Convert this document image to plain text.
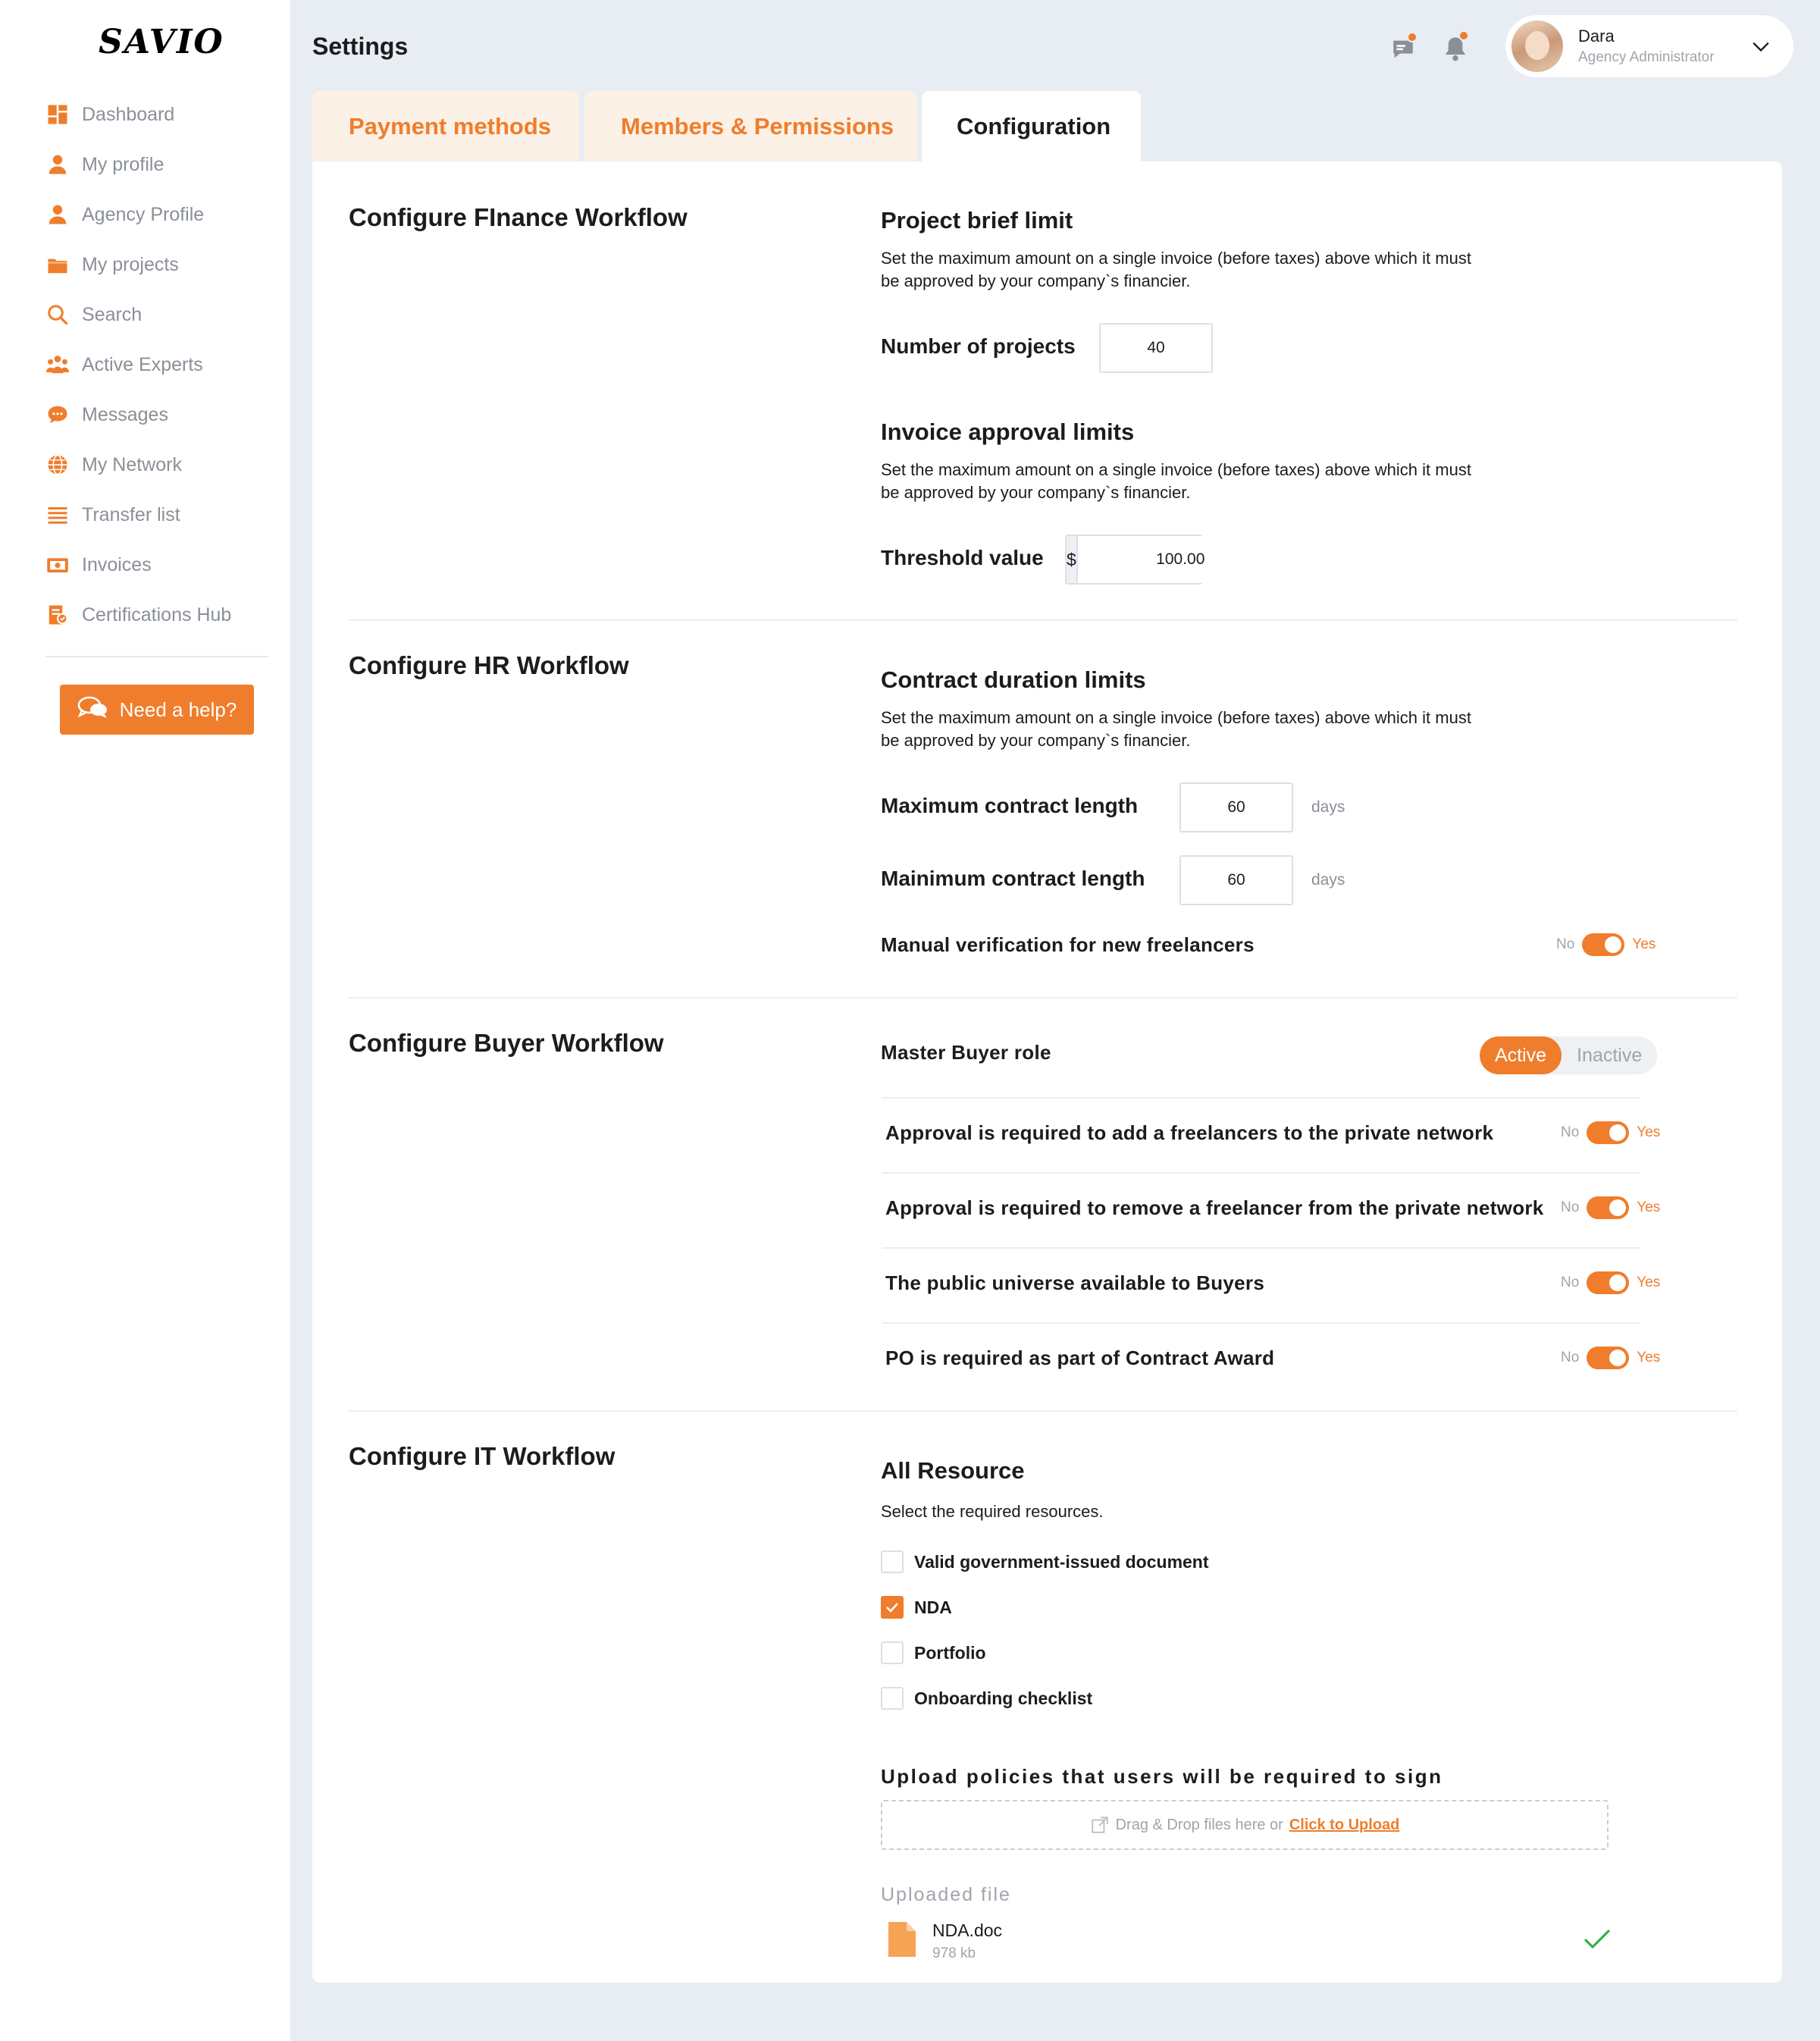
SAVIO
Dashboard
My profile
Agency Profile
My projects
Search
Active Experts
Messages
My Network
Transfer list
Invoices
Certifications Hub
Need a help?
Settings	Dara
Agency Administrator
Payment methods	Members & Permissions	Configuration
Configure FInance Workflow	Project brief limit
Set the maximum amount on a single invoice (before taxes) above which it must be approved by your company`s financier.
Number of projects
40
Invoice approval limits
Set the maximum amount on a single invoice (before taxes) above which it must be approved by your company`s financier.
Threshold value $
100.00
Configure HR Workflow
Contract duration limits
Set the maximum amount on a single invoice (before taxes) above which it must be approved by your company`s financier.
Maximum contract length
60	days
Mainimum contract length
60	days
Manual verification for new freelancers	No	Yes
Configure Buyer Workflow	Master Buyer role	Active	Inactive
Approval is required to add a freelancers to the private network	No	Yes
Approval is required to remove a freelancer from the private network No	Yes
The public universe available to Buyers	No	Yes
PO is required as part of Contract Award	No	Yes
Configure IT Workflow
All Resource
Select the required resources.
Valid government-issued document
NDA
Portfolio
Onboarding checklist
Upload policies that users will be required to sign
Drag & Drop files here or Click to Upload
Uploaded file
NDA.doc
978 kb
